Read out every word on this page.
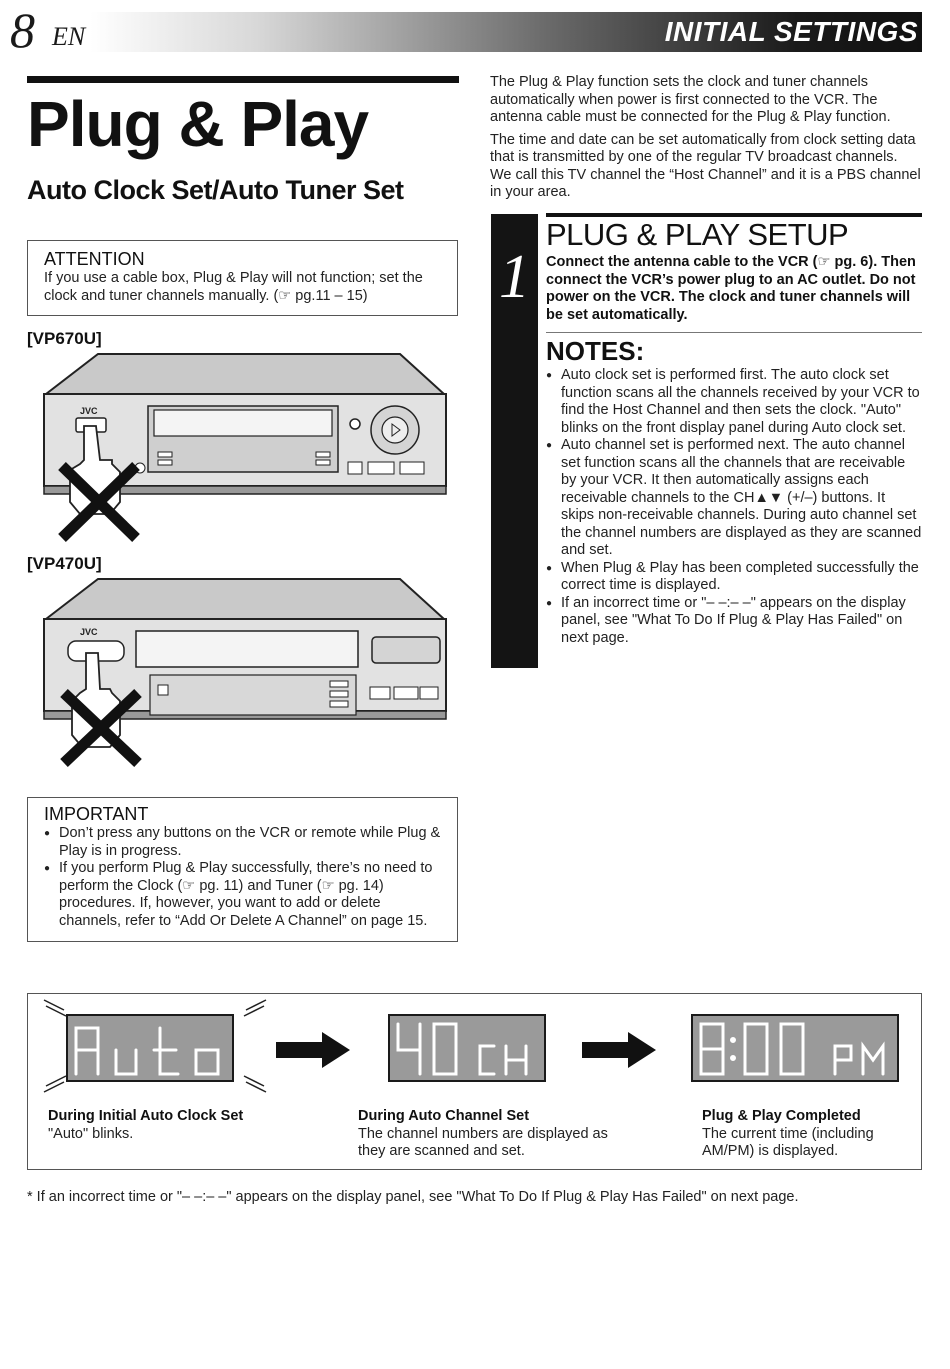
8 EN	INITIAL SETTINGS
Plug & Play
Auto Clock Set/Auto Tuner Set
ATTENTION
If you use a cable box, Plug & Play will not function; set the clock and tuner channels manually. (☞ pg.11 – 15)
[VP670U]
JVC
[VP470U]
JVC
IMPORTANT
● Don’t press any buttons on the VCR or remote while Plug & Play is in progress.
● If you perform Plug & Play successfully, there’s no need to perform the Clock (☞ pg. 11) and Tuner (☞ pg. 14) procedures. If, however, you want to add or delete channels, refer to “Add Or Delete A Channel” on page 15.

The Plug & Play function sets the clock and tuner channels automatically when power is first connected to the VCR. The antenna cable must be connected for the Plug & Play function.

The time and date can be set automatically from clock setting data that is transmitted by one of the regular TV broadcast channels. We call this TV channel the “Host Channel” and it is a PBS channel in your area.

1
PLUG & PLAY SETUP
Connect the antenna cable to the VCR (☞ pg. 6). Then connect the VCR’s power plug to an AC outlet. Do not power on the VCR. The clock and tuner channels will be set automatically.
NOTES:
● Auto clock set is performed first. The auto clock set function scans all the channels received by your VCR to find the Host Channel and then sets the clock. "Auto" blinks on the front display panel during Auto clock set.
● Auto channel set is performed next. The auto channel set function scans all the channels that are receivable by your VCR. It then automatically assigns each receivable channels to the CH▲▼ (+/–) buttons. It skips non-receivable channels. During auto channel set the channel numbers are displayed as they are scanned and set.
● When Plug & Play has been completed successfully the correct time is displayed.
● If an incorrect time or "– –:– –" appears on the display panel, see "What To Do If Plug & Play Has Failed" on next page.
During Initial Auto Clock Set
"Auto" blinks.
During Auto Channel Set
The channel numbers are displayed as they are scanned and set.
Plug & Play Completed
The current time (including AM/PM) is displayed.
* If an incorrect time or "– –:– –" appears on the display panel, see "What To Do If Plug & Play Has Failed" on next page.
